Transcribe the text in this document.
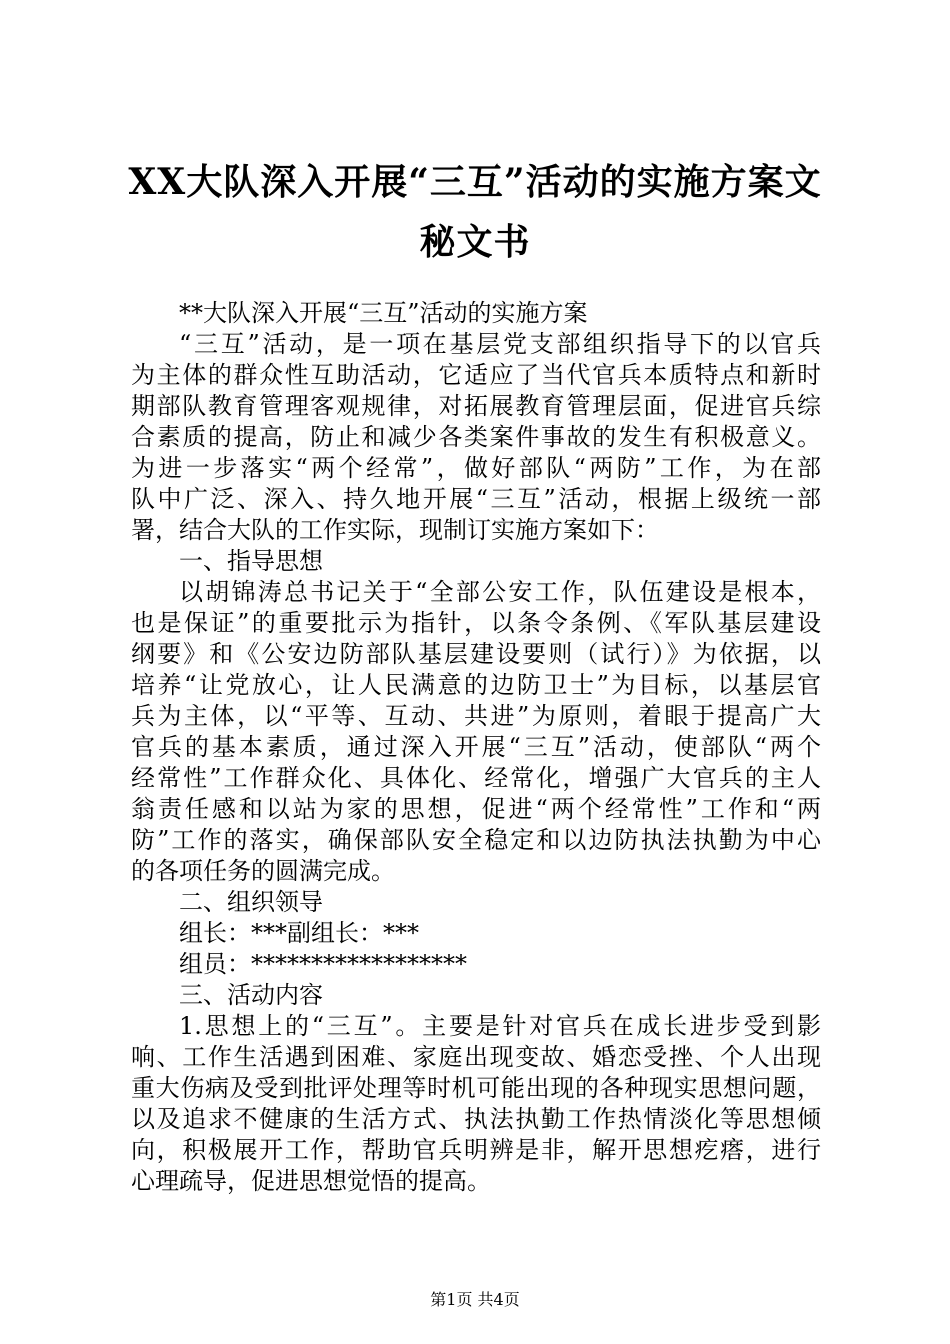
XX大队深入开展“三互”活动的实施方案文
秘文书
**大队深入开展“三互”活动的实施方案
“三互”活动，是一项在基层党支部组织指导下的以官兵
为主体的群众性互助活动，它适应了当代官兵本质特点和新时
期部队教育管理客观规律，对拓展教育管理层面，促进官兵综
合素质的提高，防止和减少各类案件事故的发生有积极意义。
为进一步落实“两个经常”，做好部队“两防”工作，为在部
队中广泛、深入、持久地开展“三互”活动，根据上级统一部
署，结合大队的工作实际，现制订实施方案如下：
一、指导思想
以胡锦涛总书记关于“全部公安工作，队伍建设是根本，
也是保证”的重要批示为指针，以条令条例、《军队基层建设
纲要》和《公安边防部队基层建设要则（试行）》为依据，以
培养“让党放心，让人民满意的边防卫士”为目标，以基层官
兵为主体，以“平等、互动、共进”为原则，着眼于提高广大
官兵的基本素质，通过深入开展“三互”活动，使部队“两个
经常性”工作群众化、具体化、经常化，增强广大官兵的主人
翁责任感和以站为家的思想，促进“两个经常性”工作和“两
防”工作的落实，确保部队安全稳定和以边防执法执勤为中心
的各项任务的圆满完成。
二、组织领导
组长：***副组长：***
组员：******************
三、活动内容
1.思想上的“三互”。主要是针对官兵在成长进步受到影
响、工作生活遇到困难、家庭出现变故、婚恋受挫、个人出现
重大伤病及受到批评处理等时机可能出现的各种现实思想问题，
以及追求不健康的生活方式、执法执勤工作热情淡化等思想倾
向，积极展开工作，帮助官兵明辨是非，解开思想疙瘩，进行
心理疏导，促进思想觉悟的提高。
第1页 共4页
